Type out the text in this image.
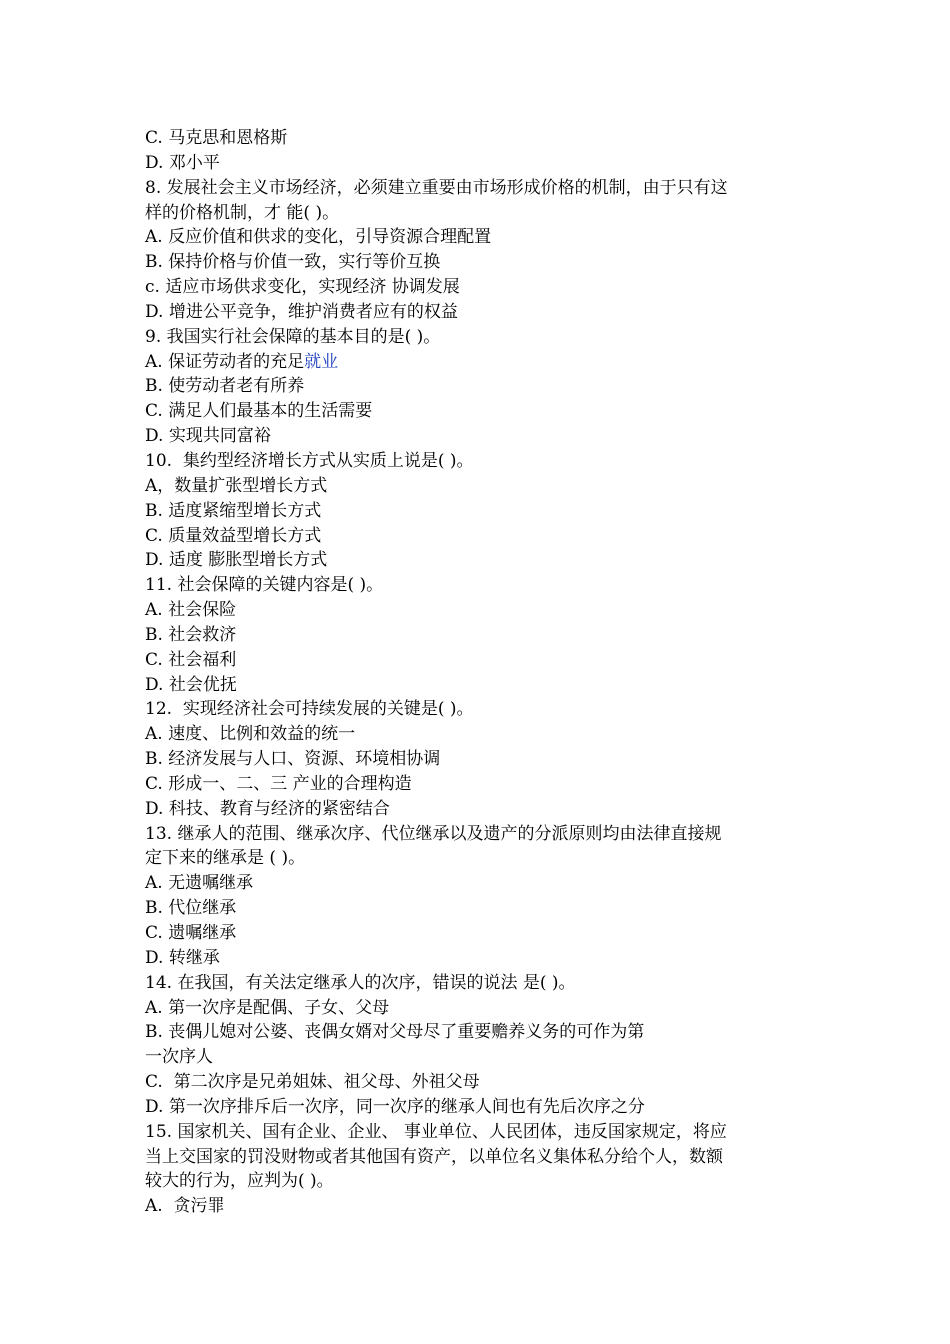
C. 马克思和恩格斯
D. 邓小平
8. 发展社会主义市场经济，必须建立重要由市场形成价格的机制，由于只有这
样的价格机制，才 能( )。
A. 反应价值和供求的变化，引导资源合理配置
B. 保持价格与价值一致，实行等价互换
c. 适应市场供求变化，实现经济 协调发展
D. 增进公平竞争，维护消费者应有的权益
9. 我国实行社会保障的基本目的是( )。
A. 保证劳动者的充足就业
B. 使劳动者老有所养
C. 满足人们最基本的生活需要
D. 实现共同富裕
10.  集约型经济增长方式从实质上说是( )。
A，数量扩张型增长方式
B. 适度紧缩型增长方式
C. 质量效益型增长方式
D. 适度 膨胀型增长方式
11. 社会保障的关键内容是( )。
A. 社会保险
B. 社会救济
C. 社会福利
D. 社会优抚
12.  实现经济社会可持续发展的关键是( )。
A. 速度、比例和效益的统一
B. 经济发展与人口、资源、环境相协调
C. 形成一、二、三 产业的合理构造
D. 科技、教育与经济的紧密结合
13. 继承人的范围、继承次序、代位继承以及遗产的分派原则均由法律直接规
定下来的继承是 ( )。
A. 无遗嘱继承
B. 代位继承
C. 遗嘱继承
D. 转继承
14. 在我国，有关法定继承人的次序，错误的说法 是( )。
A. 第一次序是配偶、子女、父母
B. 丧偶儿媳对公婆、丧偶女婿对父母尽了重要赡养义务的可作为第
一次序人
C.  第二次序是兄弟姐妹、祖父母、外祖父母
D. 第一次序排斥后一次序，同一次序的继承人间也有先后次序之分
15. 国家机关、国有企业、企业、 事业单位、人民团体，违反国家规定，将应
当上交国家的罚没财物或者其他国有资产，以单位名义集体私分给个人，数额
较大的行为，应判为( )。
A.  贪污罪
